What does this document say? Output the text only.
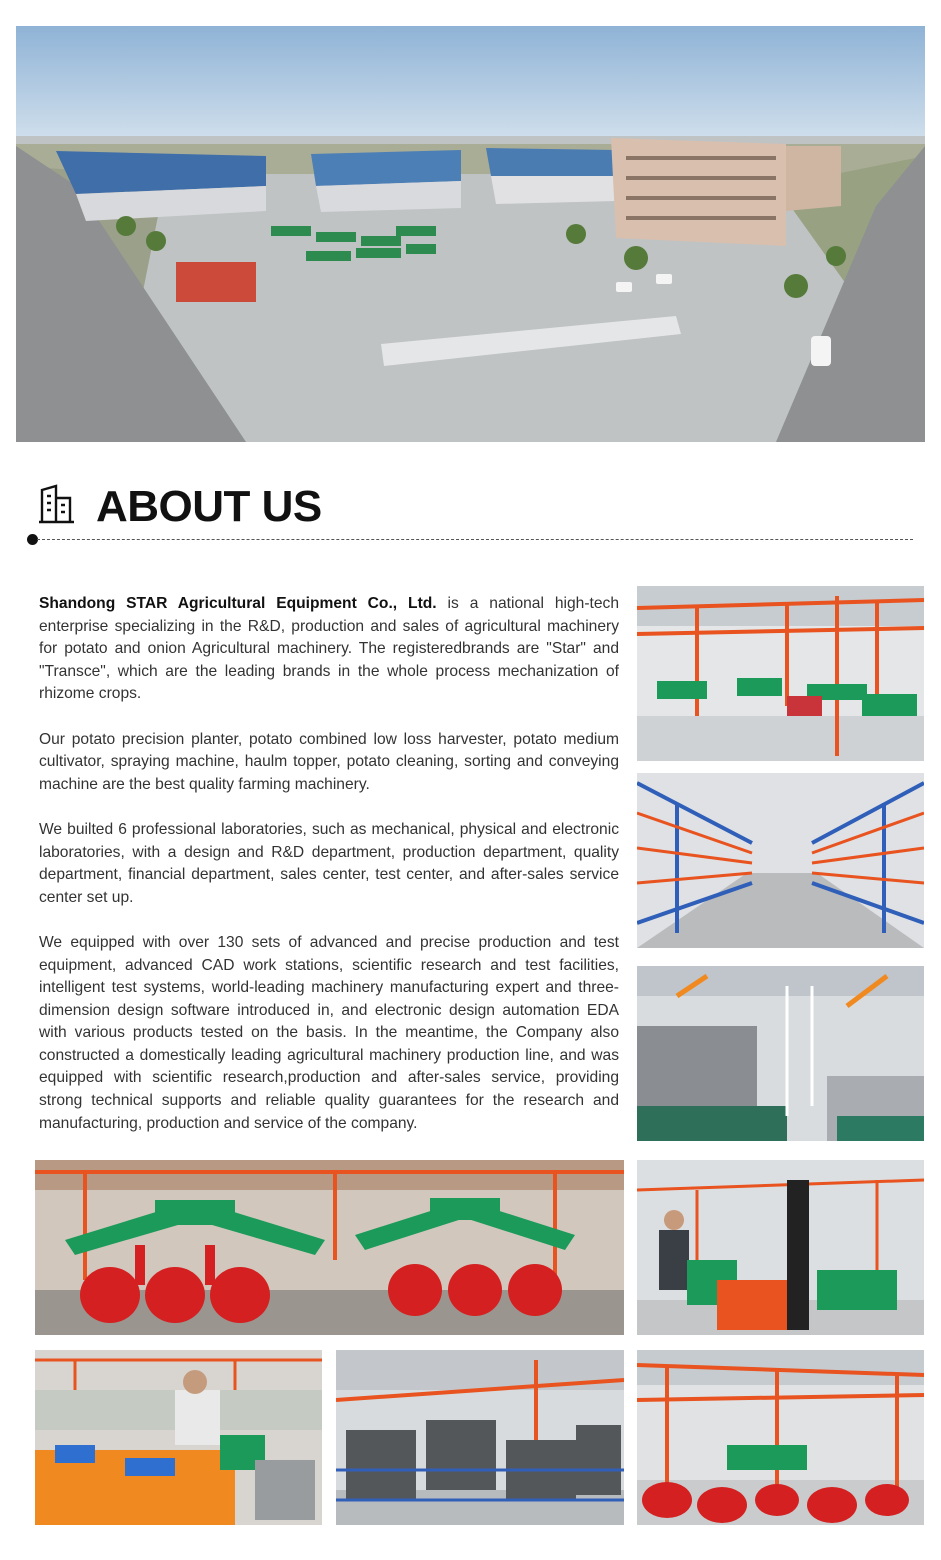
ABOUT US

Shandong STAR Agricultural Equipment Co., Ltd. is a national high-tech enterprise specializing in the R&D, production and sales of agricultural machinery for potato and onion Agricultural machinery. The registeredbrands are "Star" and "Transce", which are the leading brands in the whole process mechanization of rhizome crops.

Our potato precision planter, potato combined low loss harvester, potato medium cultivator, spraying machine, haulm topper, potato cleaning, sorting and conveying machine are the best quality farming machinery.

We builted 6 professional laboratories, such as mechanical, physical and electronic laboratories, with a design and R&D department, production department, quality department, financial department, sales center, test center, and after-sales service center set up.

We equipped with over 130 sets of advanced and precise production and test equipment, advanced CAD work stations, scientific research and test facilities, intelligent test systems, world-leading machinery manufacturing expert and three-dimension design software introduced in, and electronic design automation EDA with various products tested on the basis. In the meantime, the Company also constructed a domestically leading agricultural machinery production line, and was equipped with scientific research,production and after-sales service, providing strong technical supports and reliable quality guarantees for the research and manufacturing, production and service of the company.
